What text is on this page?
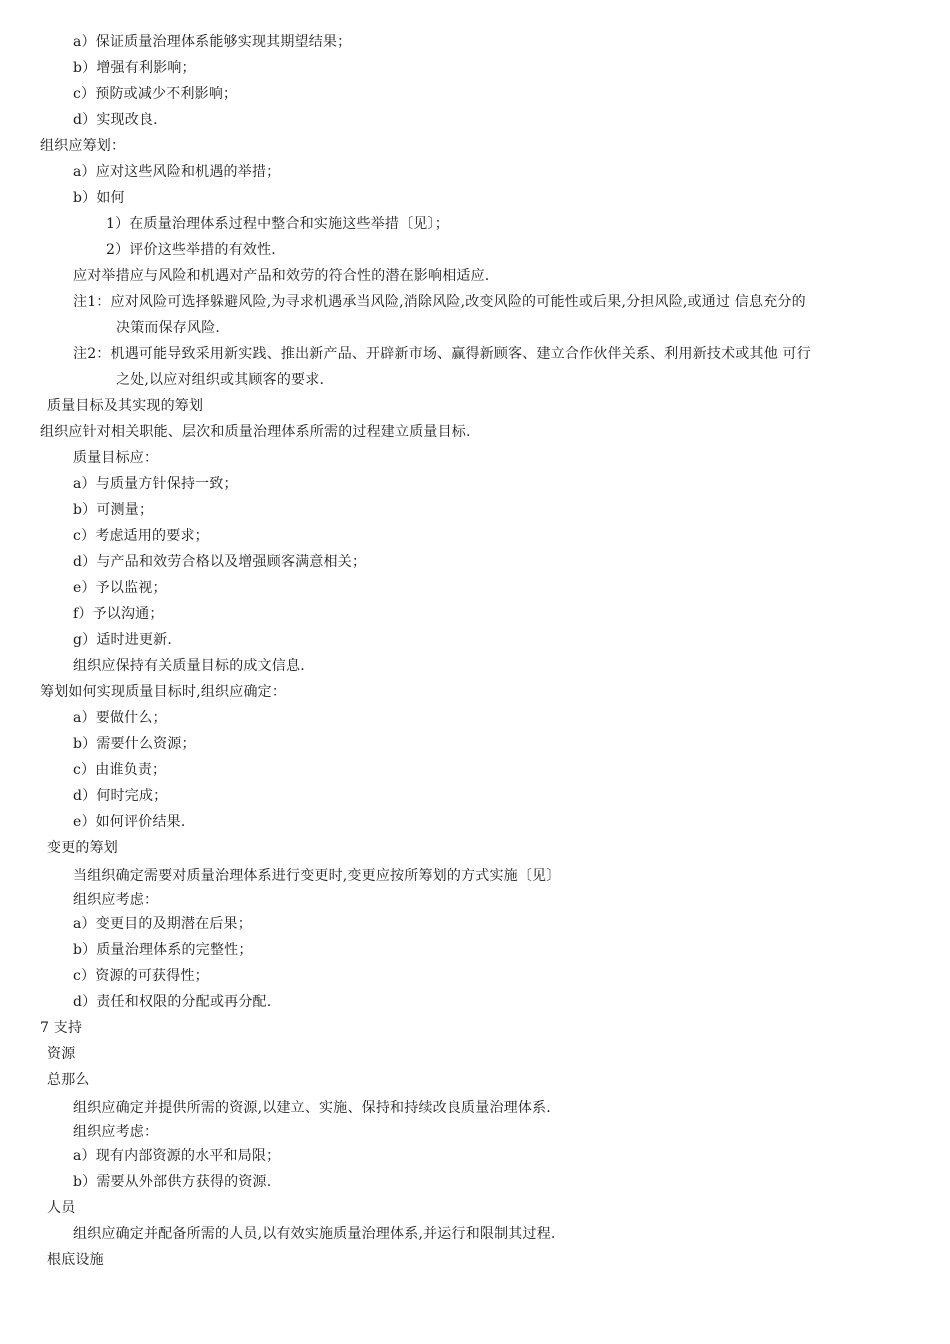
a）保证质量治理体系能够实现其期望结果；
b）增强有利影响；
c）预防或减少不利影响；
d）实现改良.
组织应筹划：
a）应对这些风险和机遇的举措；
b）如何
1）在质量治理体系过程中整合和实施这些举措〔见〕；
2）评价这些举措的有效性.
应对举措应与风险和机遇对产品和效劳的符合性的潜在影响相适应.
注1：应对风险可选择躲避风险,为寻求机遇承当风险,消除风险,改变风险的可能性或后果,分担风险,或通过 信息充分的
决策而保存风险.
注2：机遇可能导致采用新实践、推出新产品、开辟新市场、赢得新顾客、建立合作伙伴关系、利用新技术或其他 可行
之处,以应对组织或其顾客的要求.
质量目标及其实现的筹划
组织应针对相关职能、层次和质量治理体系所需的过程建立质量目标.
质量目标应：
a）与质量方针保持一致；
b）可测量；
c）考虑适用的要求；
d）与产品和效劳合格以及增强顾客满意相关；
e）予以监视；
f）予以沟通；
g）适时进更新.
组织应保持有关质量目标的成文信息.
筹划如何实现质量目标时,组织应确定：
a）要做什么；
b）需要什么资源；
c）由谁负责；
d）何时完成；
e）如何评价结果.
变更的筹划
当组织确定需要对质量治理体系进行变更时,变更应按所筹划的方式实施〔见〕
组织应考虑：
a）变更目的及期潜在后果；
b）质量治理体系的完整性；
c）资源的可获得性；
d）责任和权限的分配或再分配.
7 支持
资源
总那么
组织应确定并提供所需的资源,以建立、实施、保持和持续改良质量治理体系.
组织应考虑：
a）现有内部资源的水平和局限；
b）需要从外部供方获得的资源.
人员
组织应确定并配备所需的人员,以有效实施质量治理体系,并运行和限制其过程.
根底设施
